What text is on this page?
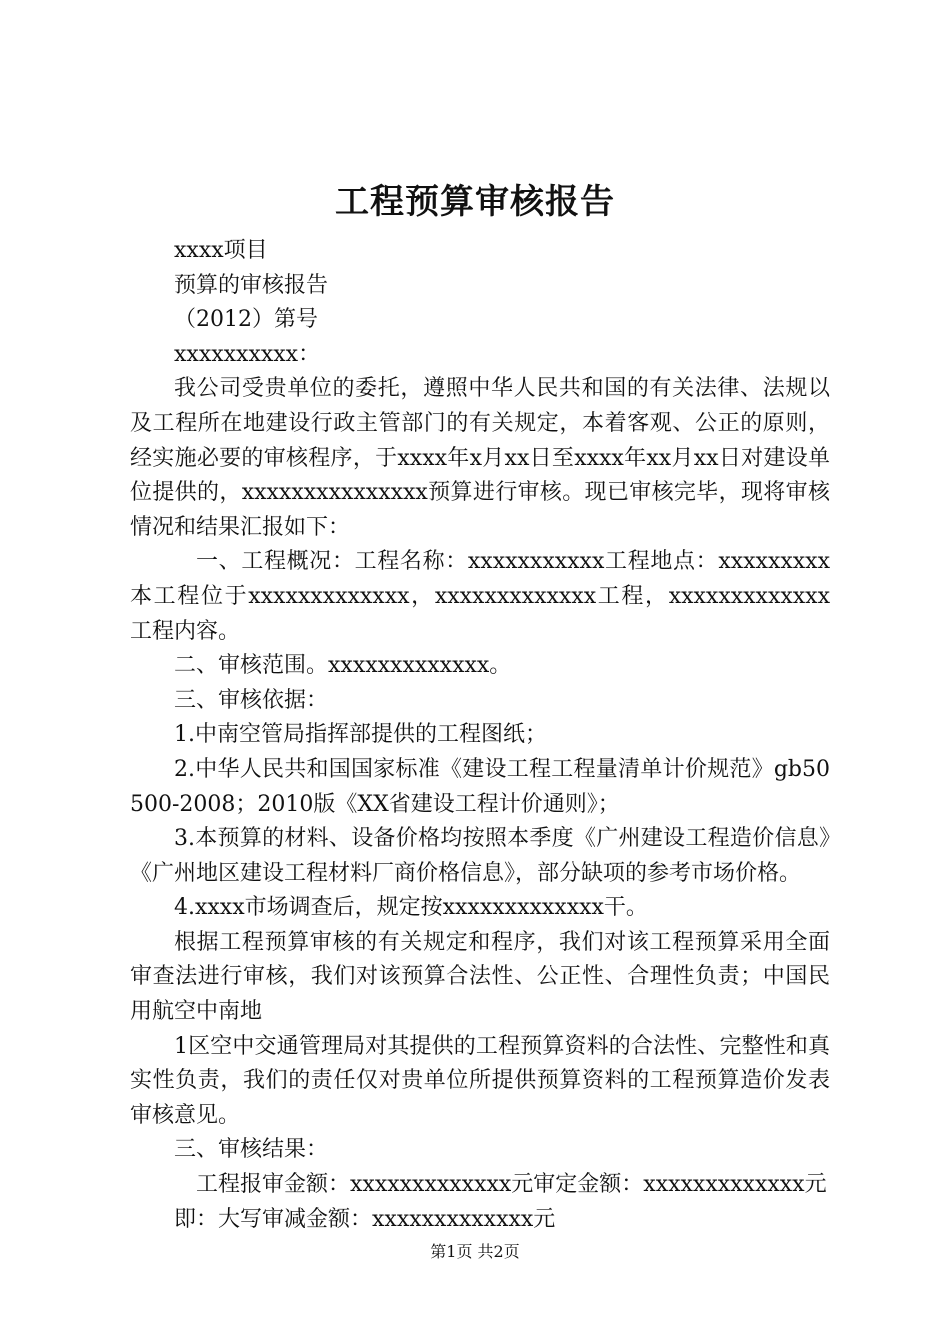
工程预算审核报告

xxxx项目

预算的审核报告

（2012）第号

xxxxxxxxxx：

我公司受贵单位的委托，遵照中华人民共和国的有关法律、法规以及工程所在地建设行政主管部门的有关规定，本着客观、公正的原则，经实施必要的审核程序，于xxxx年x月xx日至xxxx年xx月xx日对建设单位提供的，xxxxxxxxxxxxxxx预算进行审核。现已审核完毕，现将审核情况和结果汇报如下：

一、工程概况：工程名称：xxxxxxxxxxx工程地点：xxxxxxxxx本工程位于xxxxxxxxxxxxx，xxxxxxxxxxxxx工程，xxxxxxxxxxxxx工程内容。

二、审核范围。xxxxxxxxxxxxx。

三、审核依据：

1.中南空管局指挥部提供的工程图纸；

2.中华人民共和国国家标准《建设工程工程量清单计价规范》gb50500-2008；2010版《XX省建设工程计价通则》；

3.本预算的材料、设备价格均按照本季度《广州建设工程造价信息》《广州地区建设工程材料厂商价格信息》，部分缺项的参考市场价格。

4.xxxx市场调查后，规定按xxxxxxxxxxxxx干。

根据工程预算审核的有关规定和程序，我们对该工程预算采用全面审查法进行审核，我们对该预算合法性、公正性、合理性负责；中国民用航空中南地

1区空中交通管理局对其提供的工程预算资料的合法性、完整性和真实性负责，我们的责任仅对贵单位所提供预算资料的工程预算造价发表审核意见。

三、审核结果：

工程报审金额：xxxxxxxxxxxxx元审定金额：xxxxxxxxxxxxx元

即：大写审减金额：xxxxxxxxxxxxx元

第1页 共2页
